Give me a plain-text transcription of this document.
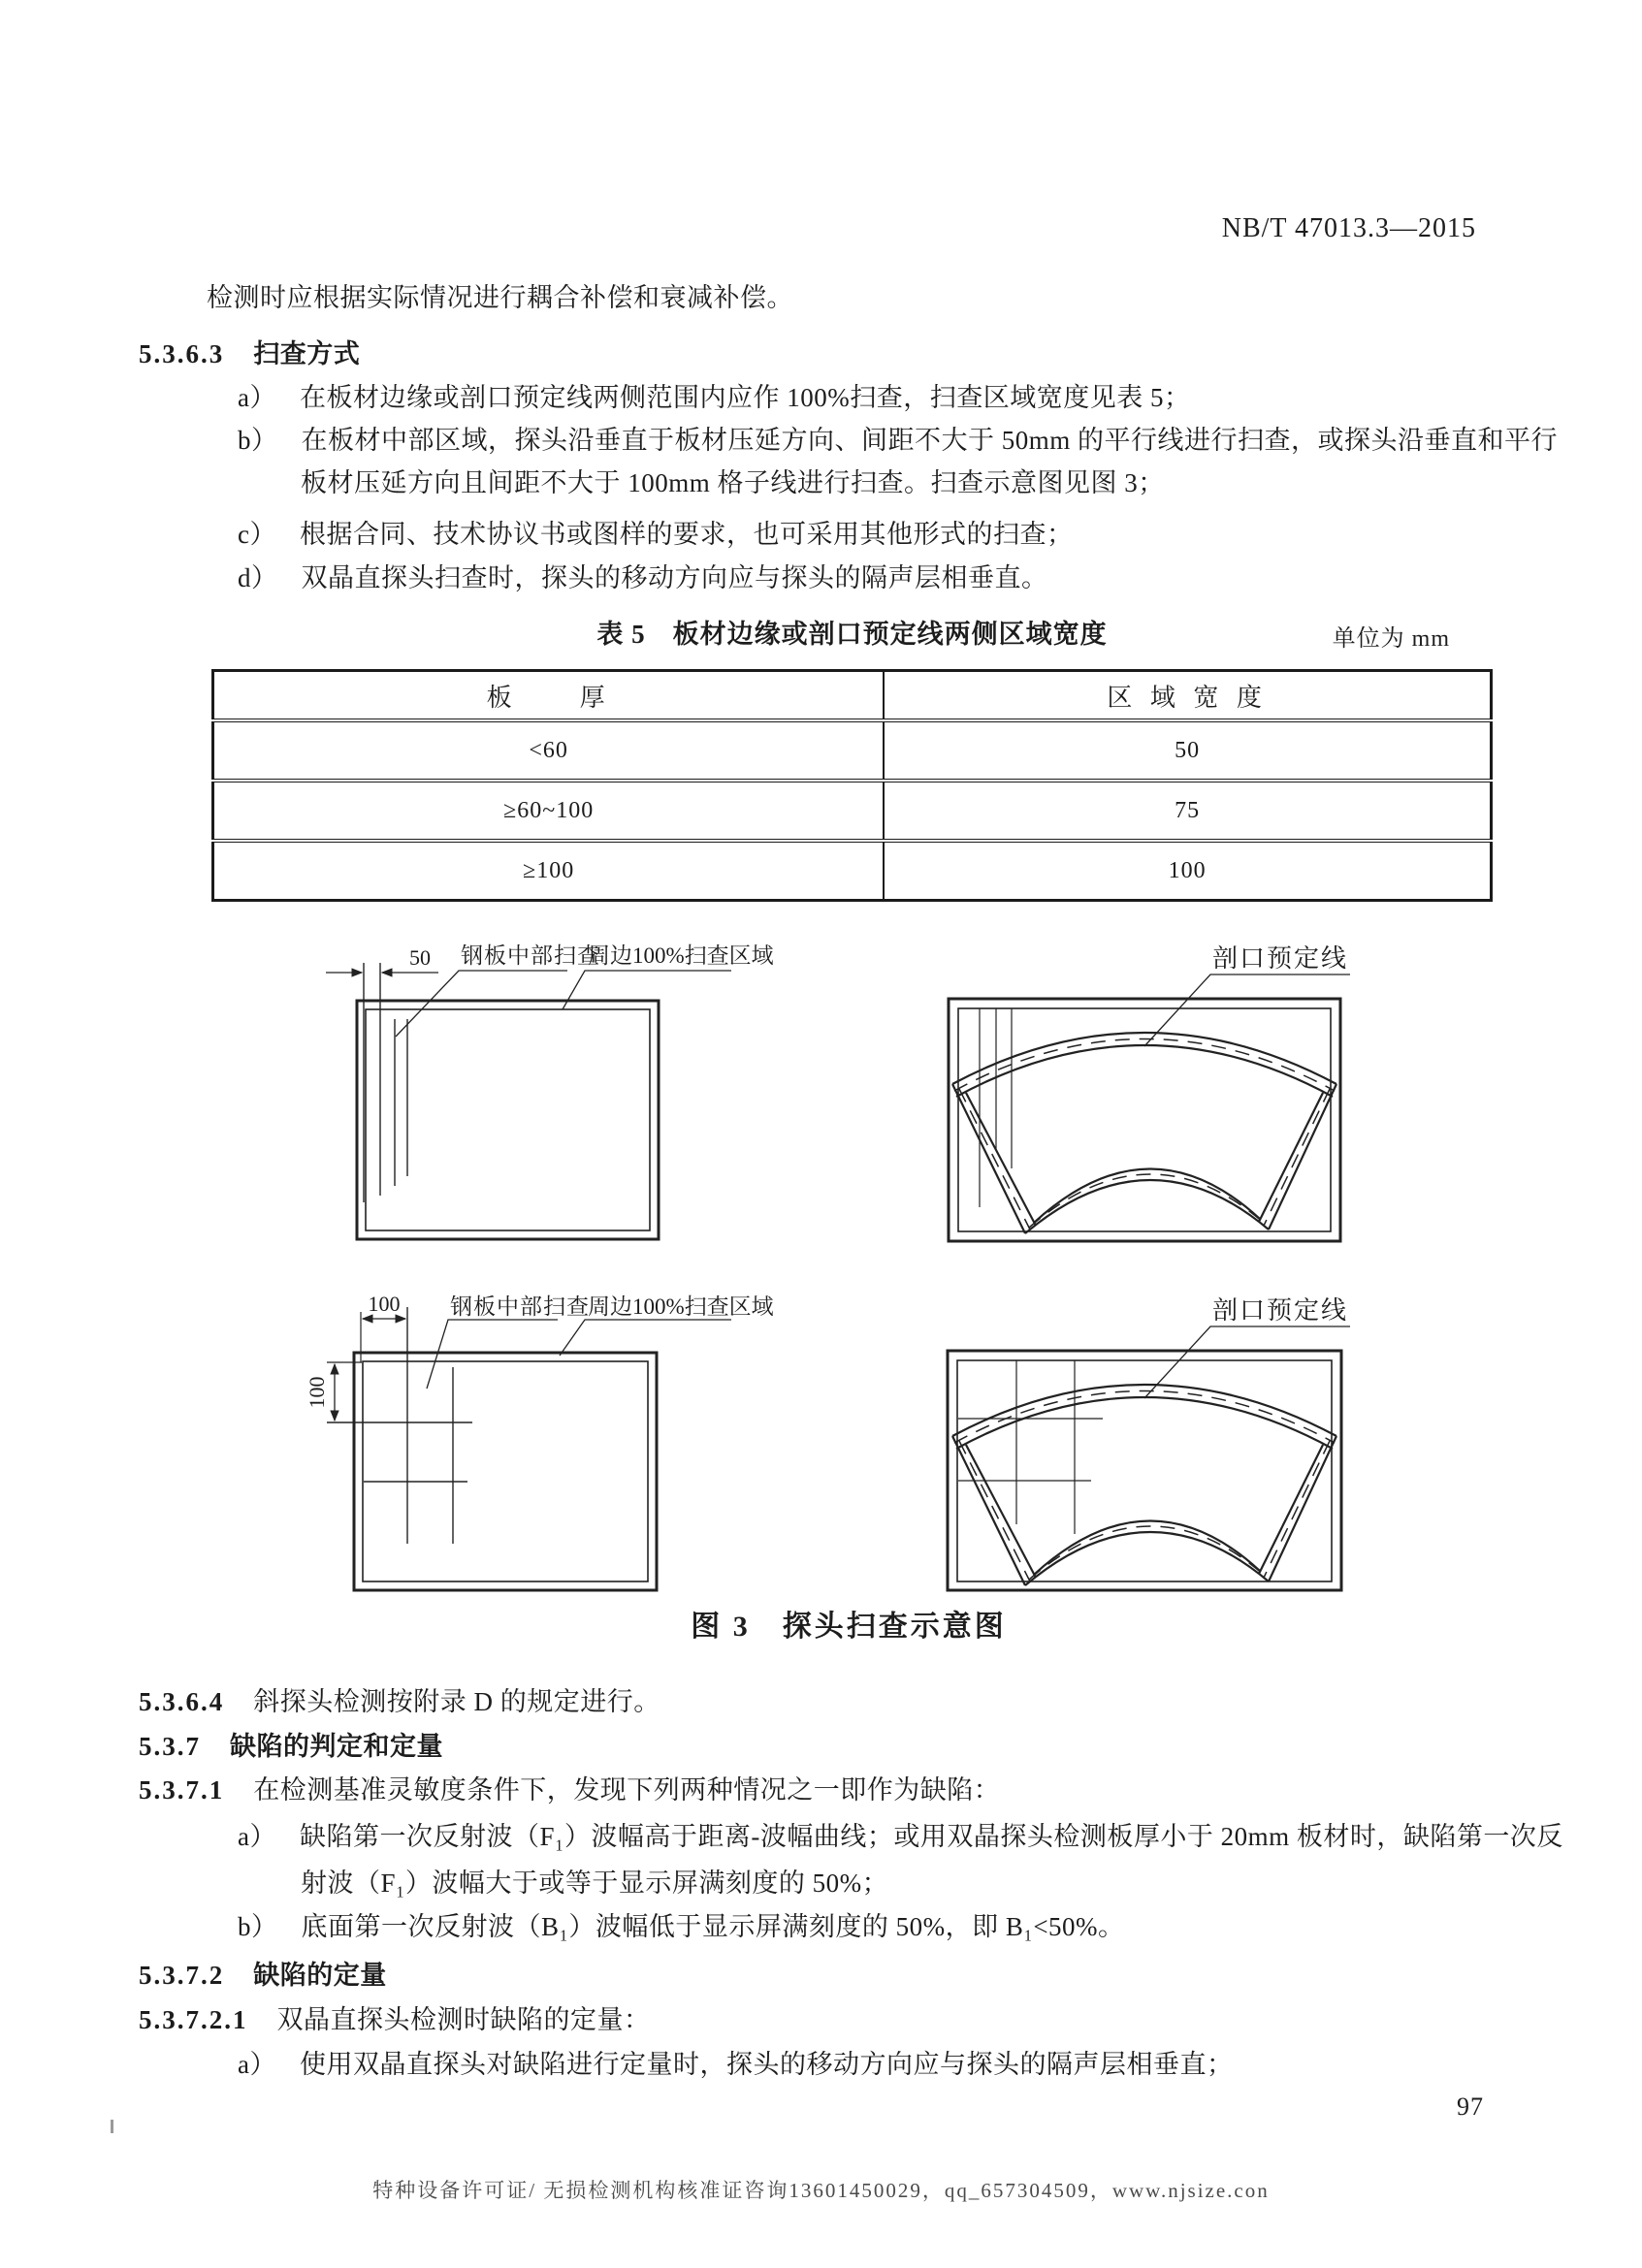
NB/T 47013.3—2015
检测时应根据实际情况进行耦合补偿和衰减补偿。
5.3.6.3 扫查方式
a） 在板材边缘或剖口预定线两侧范围内应作 100%扫查，扫查区域宽度见表 5；
b） 在板材中部区域，探头沿垂直于板材压延方向、间距不大于 50mm 的平行线进行扫查，或探头沿垂直和平行板材压延方向且间距不大于 100mm 格子线进行扫查。扫查示意图见图 3；
c） 根据合同、技术协议书或图样的要求，也可采用其他形式的扫查；
d） 双晶直探头扫查时，探头的移动方向应与探头的隔声层相垂直。
表 5　板材边缘或剖口预定线两侧区域宽度	单位为 mm
板　　厚	区 域 宽 度
<60	50
≥60~100	75
≥100	100
50 钢板中部扫查
周边100%扫查区域	剖口预定线
100
100
钢板中部扫查
周边100%扫查区域	剖口预定线
图 3　探头扫查示意图
5.3.6.4 斜探头检测按附录 D 的规定进行。
5.3.7 缺陷的判定和定量
5.3.7.1 在检测基准灵敏度条件下，发现下列两种情况之一即作为缺陷：
a） 缺陷第一次反射波（F₁）波幅高于距离-波幅曲线；或用双晶探头检测板厚小于 20mm 板材时，缺陷第一次反射波（F₁）波幅大于或等于显示屏满刻度的 50%；
b） 底面第一次反射波（B₁）波幅低于显示屏满刻度的 50%，即 B₁<50%。
5.3.7.2 缺陷的定量
5.3.7.2.1 双晶直探头检测时缺陷的定量：
a） 使用双晶直探头对缺陷进行定量时，探头的移动方向应与探头的隔声层相垂直；
97
特种设备许可证/ 无损检测机构核准证咨询13601450029，qq_657304509，www.njsize.con
